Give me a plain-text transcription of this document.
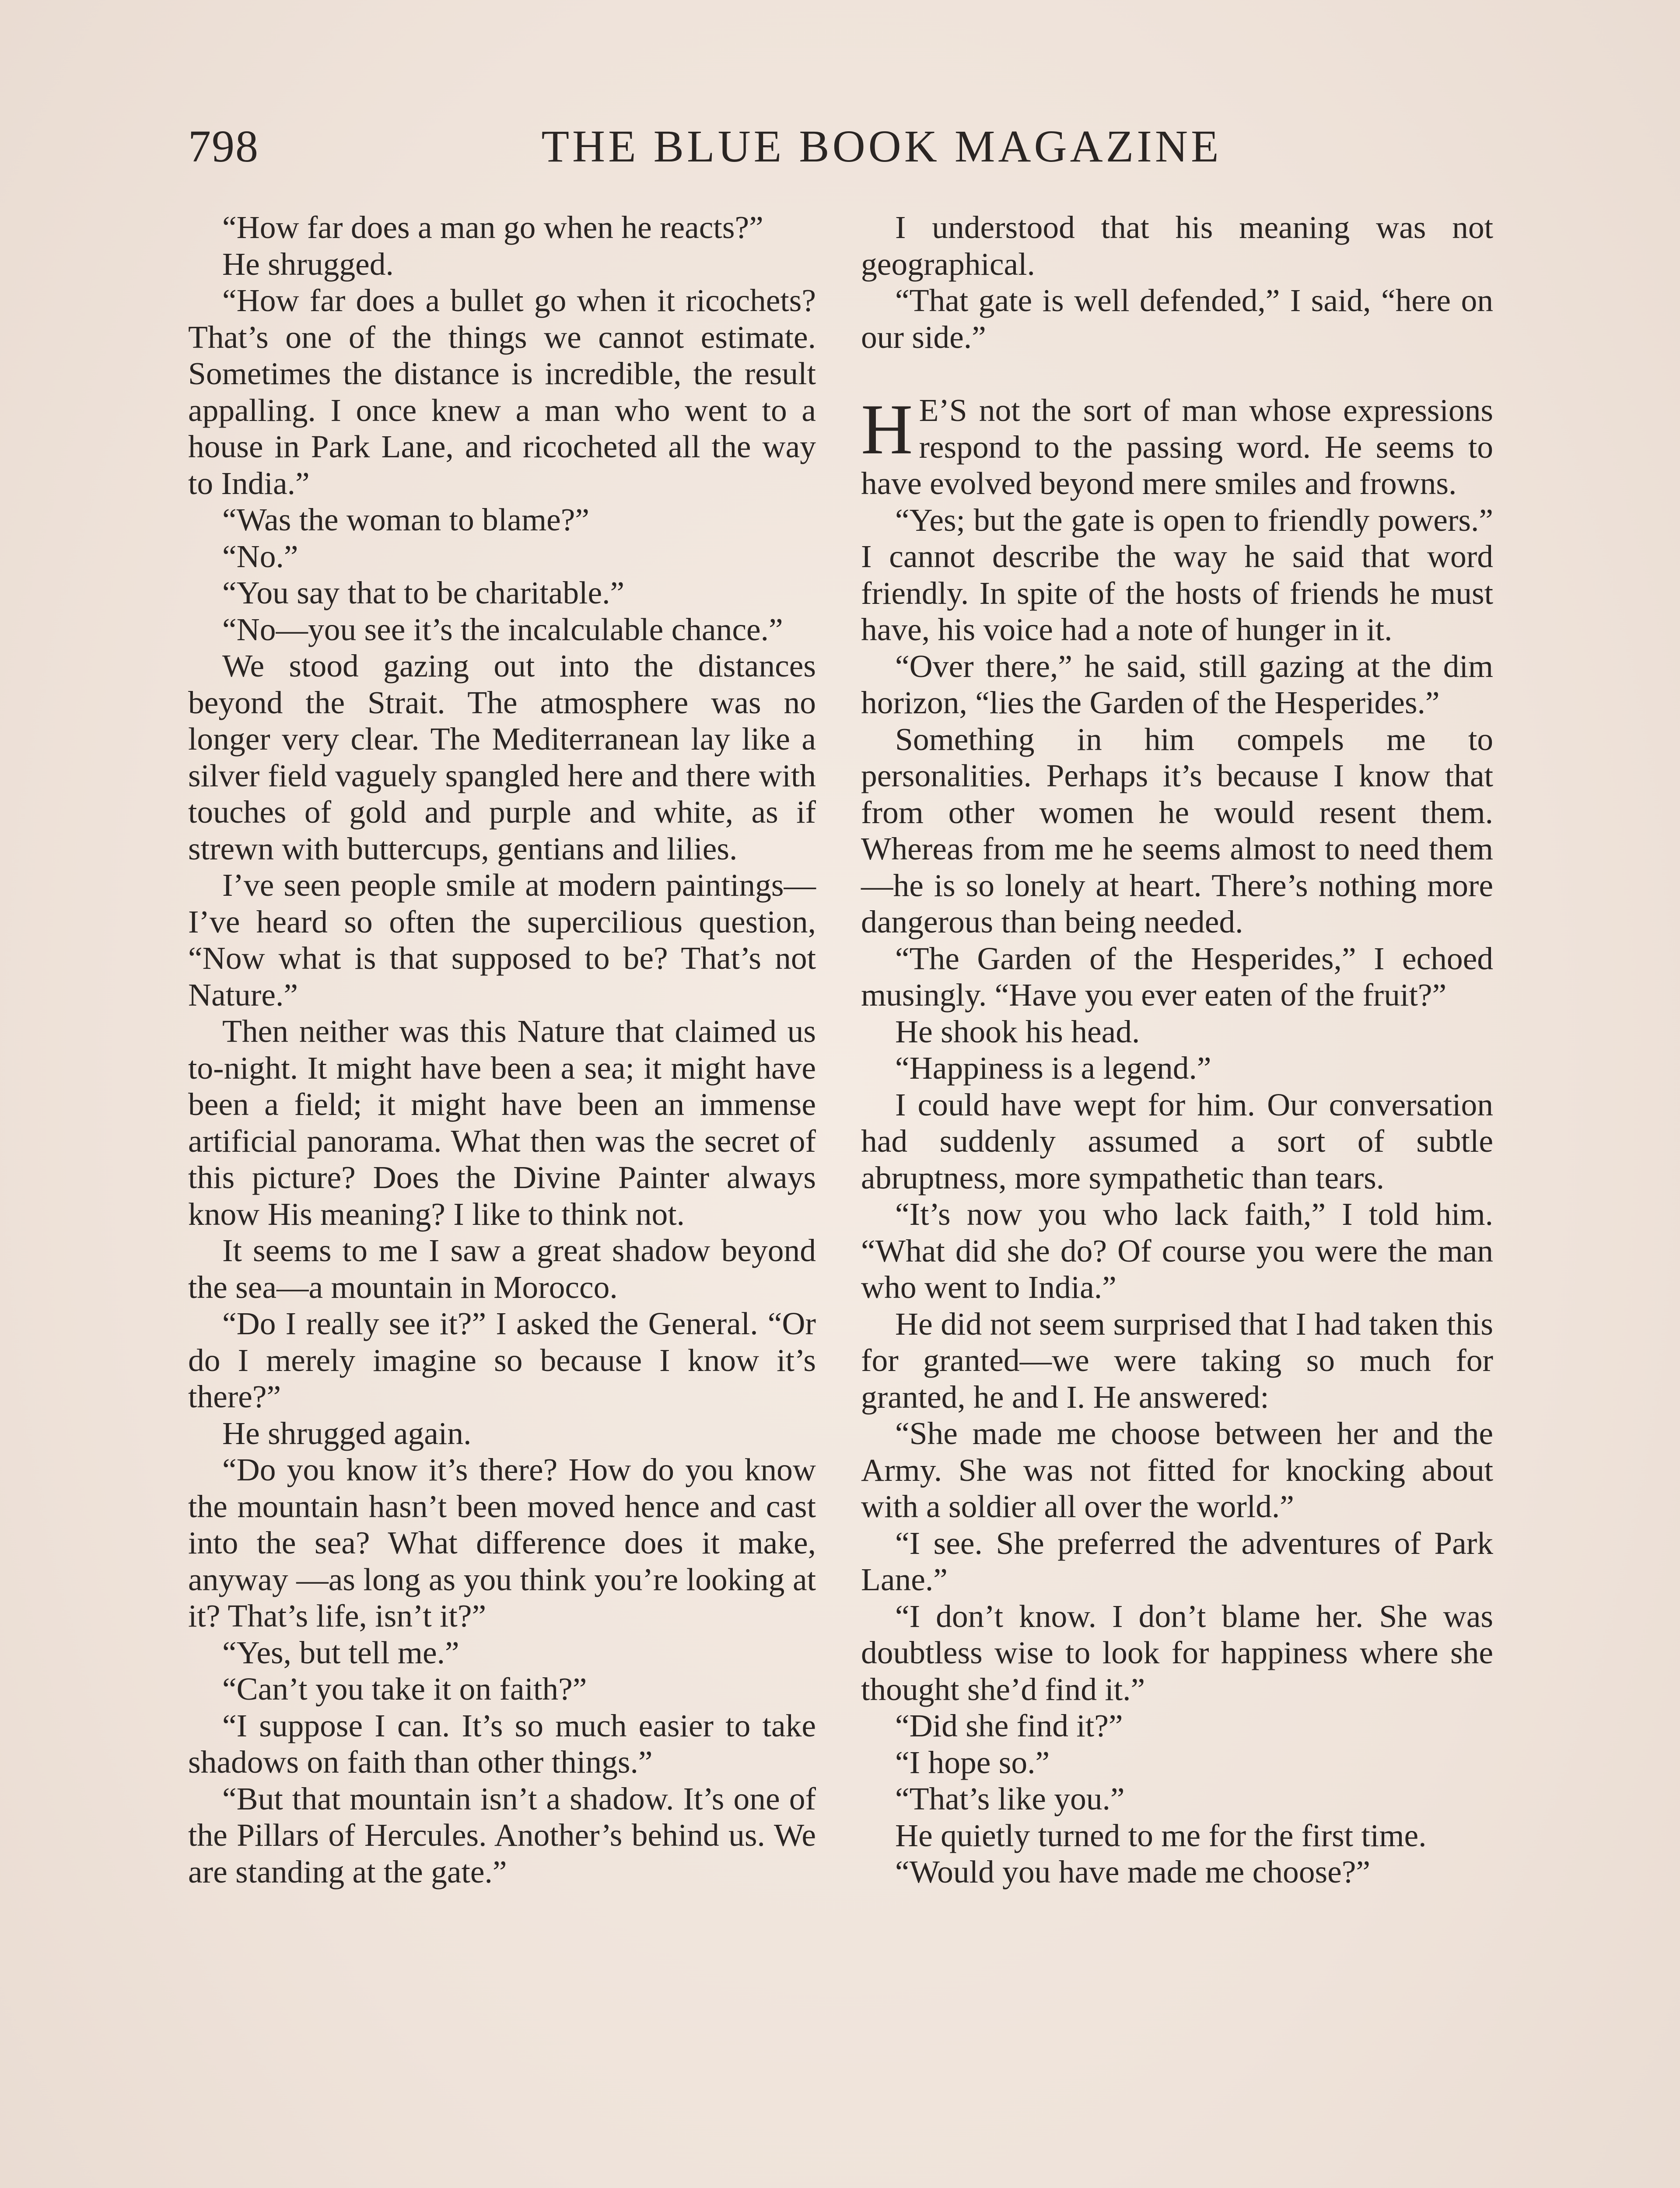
798	THE BLUE BOOK MAGAZINE

“How far does a man go when he reacts?”

He shrugged.

“How far does a bullet go when it ricochets? That’s one of the things we cannot estimate. Sometimes the distance is incredible, the result appalling. I once knew a man who went to a house in Park Lane, and ricocheted all the way to India.”

“Was the woman to blame?”

“No.”

“You say that to be charitable.”

“No—you see it’s the incalculable chance.”

We stood gazing out into the distances beyond the Strait. The atmosphere was no longer very clear. The Mediterranean lay like a silver field vaguely spangled here and there with touches of gold and purple and white, as if strewn with buttercups, gentians and lilies.

I’ve seen people smile at modern paintings—I’ve heard so often the supercilious question, “Now what is that supposed to be? That’s not Nature.”

Then neither was this Nature that claimed us to-night. It might have been a sea; it might have been a field; it might have been an immense artificial panorama. What then was the secret of this picture? Does the Divine Painter always know His meaning? I like to think not.

It seems to me I saw a great shadow beyond the sea—a mountain in Morocco.

“Do I really see it?” I asked the General. “Or do I merely imagine so because I know it’s there?”

He shrugged again.

“Do you know it’s there? How do you know the mountain hasn’t been moved hence and cast into the sea? What difference does it make, anyway —as long as you think you’re looking at it? That’s life, isn’t it?”

“Yes, but tell me.”

“Can’t you take it on faith?”

“I suppose I can. It’s so much easier to take shadows on faith than other things.”

“But that mountain isn’t a shadow. It’s one of the Pillars of Hercules. Another’s behind us. We are standing at the gate.”

I understood that his meaning was not geographical.

“That gate is well defended,” I said, “here on our side.”

H E’S not the sort of man whose expressions respond to the passing word. He seems to have evolved beyond mere smiles and frowns.

“Yes; but the gate is open to friendly powers.” I cannot describe the way he said that word friendly. In spite of the hosts of friends he must have, his voice had a note of hunger in it.

“Over there,” he said, still gazing at the dim horizon, “lies the Garden of the Hesperides.”

Something in him compels me to personalities. Perhaps it’s because I know that from other women he would resent them. Whereas from me he seems almost to need them—he is so lonely at heart. There’s nothing more dangerous than being needed.

“The Garden of the Hesperides,” I echoed musingly. “Have you ever eaten of the fruit?”

He shook his head.

“Happiness is a legend.”

I could have wept for him. Our conversation had suddenly assumed a sort of subtle abruptness, more sympathetic than tears.

“It’s now you who lack faith,” I told him. “What did she do? Of course you were the man who went to India.”

He did not seem surprised that I had taken this for granted—we were taking so much for granted, he and I. He answered:

“She made me choose between her and the Army. She was not fitted for knocking about with a soldier all over the world.”

“I see. She preferred the adventures of Park Lane.”

“I don’t know. I don’t blame her. She was doubtless wise to look for happiness where she thought she’d find it.”

“Did she find it?”

“I hope so.”

“That’s like you.”

He quietly turned to me for the first time.

“Would you have made me choose?”
